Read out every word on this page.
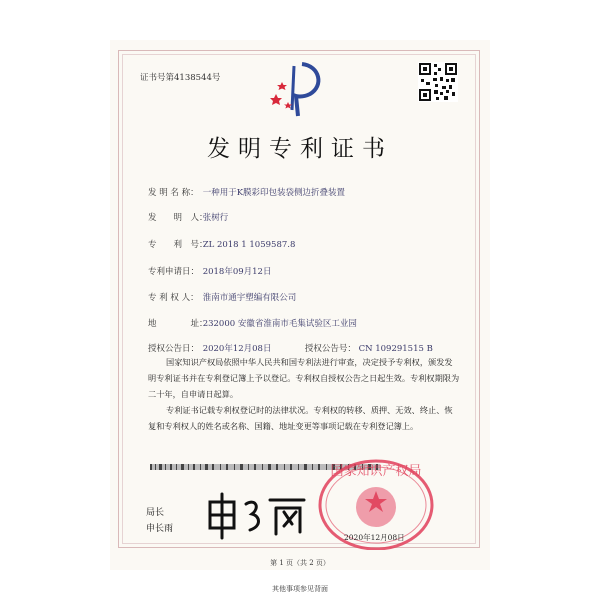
证书号第4138544号
发明专利证书
发 明 名 称： 一种用于K膜彩印包装袋侧边折叠装置
发　　明　人： 张树行
专　　利　号： ZL 2018 1 1059587.8
专利申请日： 2018年09月12日
专 利 权 人： 淮南市通宇塑编有限公司
地　　　　址： 232000 安徽省淮南市毛集试验区工业园
授权公告日： 2020年12月08日	授权公告号： CN 109291515 B
国家知识产权局依照中华人民共和国专利法进行审查，决定授予专利权，颁发发明专利证书并在专利登记簿上予以登记。专利权自授权公告之日起生效。专利权期限为二十年，自申请日起算。
专利证书记载专利权登记时的法律状况。专利权的转移、质押、无效、终止、恢复和专利权人的姓名或名称、国籍、地址变更等事项记载在专利登记簿上。
国家知识产权局
2020年12月08日
局长
申长雨
第 1 页（共 2 页）
其他事项参见背面
